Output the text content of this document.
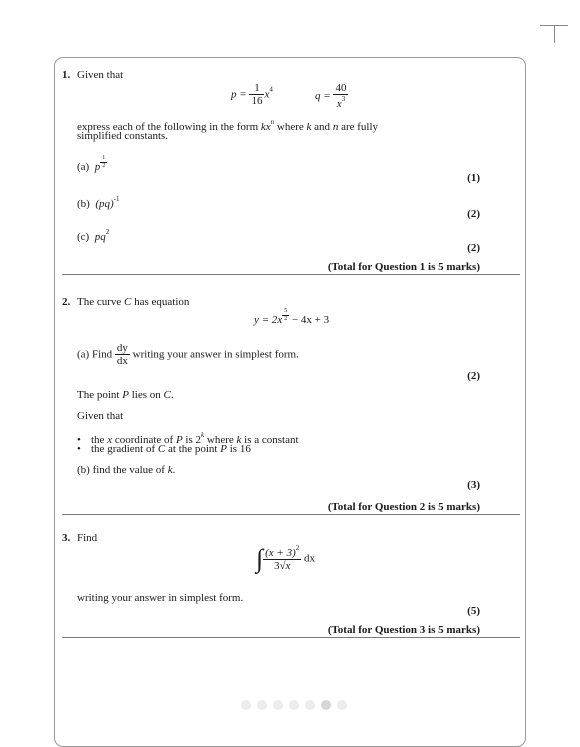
1. Given that
$p = \frac{1}{16} x^4$
$q = \frac{40}{x^3}$
express each of the following in the form $kx^n$ where k and n are fully
simplified constants.
(a) p $^{\frac{1}{2}}$
(1)
(b) (pq)$^{-1}$
(2)
(c) $pq^2$
(2)
(Total for Question 1 is 5 marks)
2. The curve C has equation
y = 2x $^{\frac{5}{2}}$ − 4x + 3
(a) Find $\frac{dy}{dx}$ writing your answer in simplest form.
(2)
The point P lies on C.
Given that
• the x coordinate of P is 2$^k$ where k is a constant
• the gradient of C at the point P is 16
(b) find the value of k.
(3)
(Total for Question 2 is 5 marks)
3. Find
∫ $\frac{(x + 3)^2}{3√x}$ dx
writing your answer in simplest form.
(5)
(Total for Question 3 is 5 marks)
